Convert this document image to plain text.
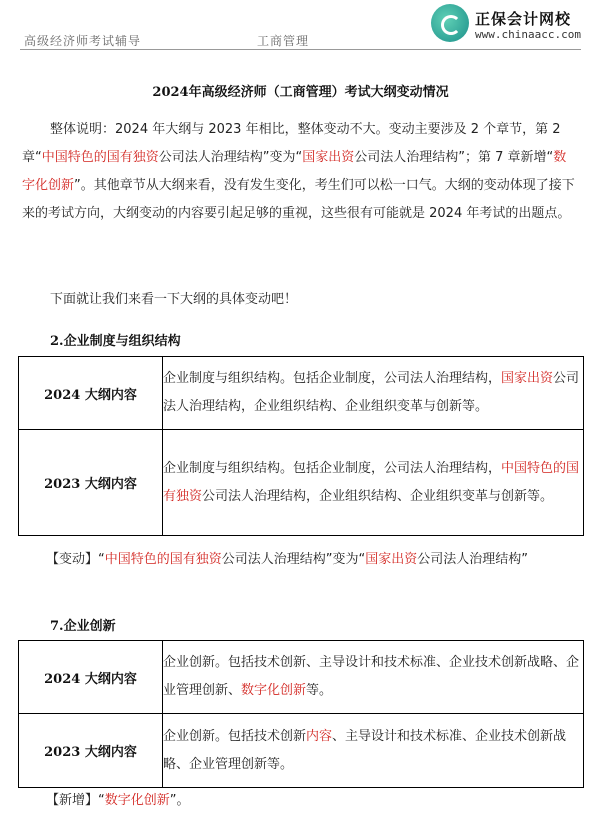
高级经济师考试辅导	工商管理
正保会计网校
www.chinaacc.com
2024年高级经济师（工商管理）考试大纲变动情况

整体说明：2024 年大纲与 2023 年相比，整体变动不大。变动主要涉及 2 个章节，第 2 章“中国特色的国有独资公司法人治理结构”变为“国家出资公司法人治理结构”；第 7 章新增“数字化创新”。其他章节从大纲来看，没有发生变化，考生们可以松一口气。大纲的变动体现了接下来的考试方向，大纲变动的内容要引起足够的重视，这些很有可能就是 2024 年考试的出题点。

下面就让我们来看一下大纲的具体变动吧！
2.企业制度与组织结构
2024 大纲内容	企业制度与组织结构。包括企业制度，公司法人治理结构，国家出资公司法人治理结构，企业组织结构、企业组织变革与创新等。
2023 大纲内容	企业制度与组织结构。包括企业制度，公司法人治理结构，中国特色的国有独资公司法人治理结构，企业组织结构、企业组织变革与创新等。

【变动】“中国特色的国有独资公司法人治理结构”变为“国家出资公司法人治理结构”

7.企业创新
2024 大纲内容	企业创新。包括技术创新、主导设计和技术标准、企业技术创新战略、企业管理创新、数字化创新等。
2023 大纲内容	企业创新。包括技术创新内容、主导设计和技术标准、企业技术创新战略、企业管理创新等。

【新增】“数字化创新”。
